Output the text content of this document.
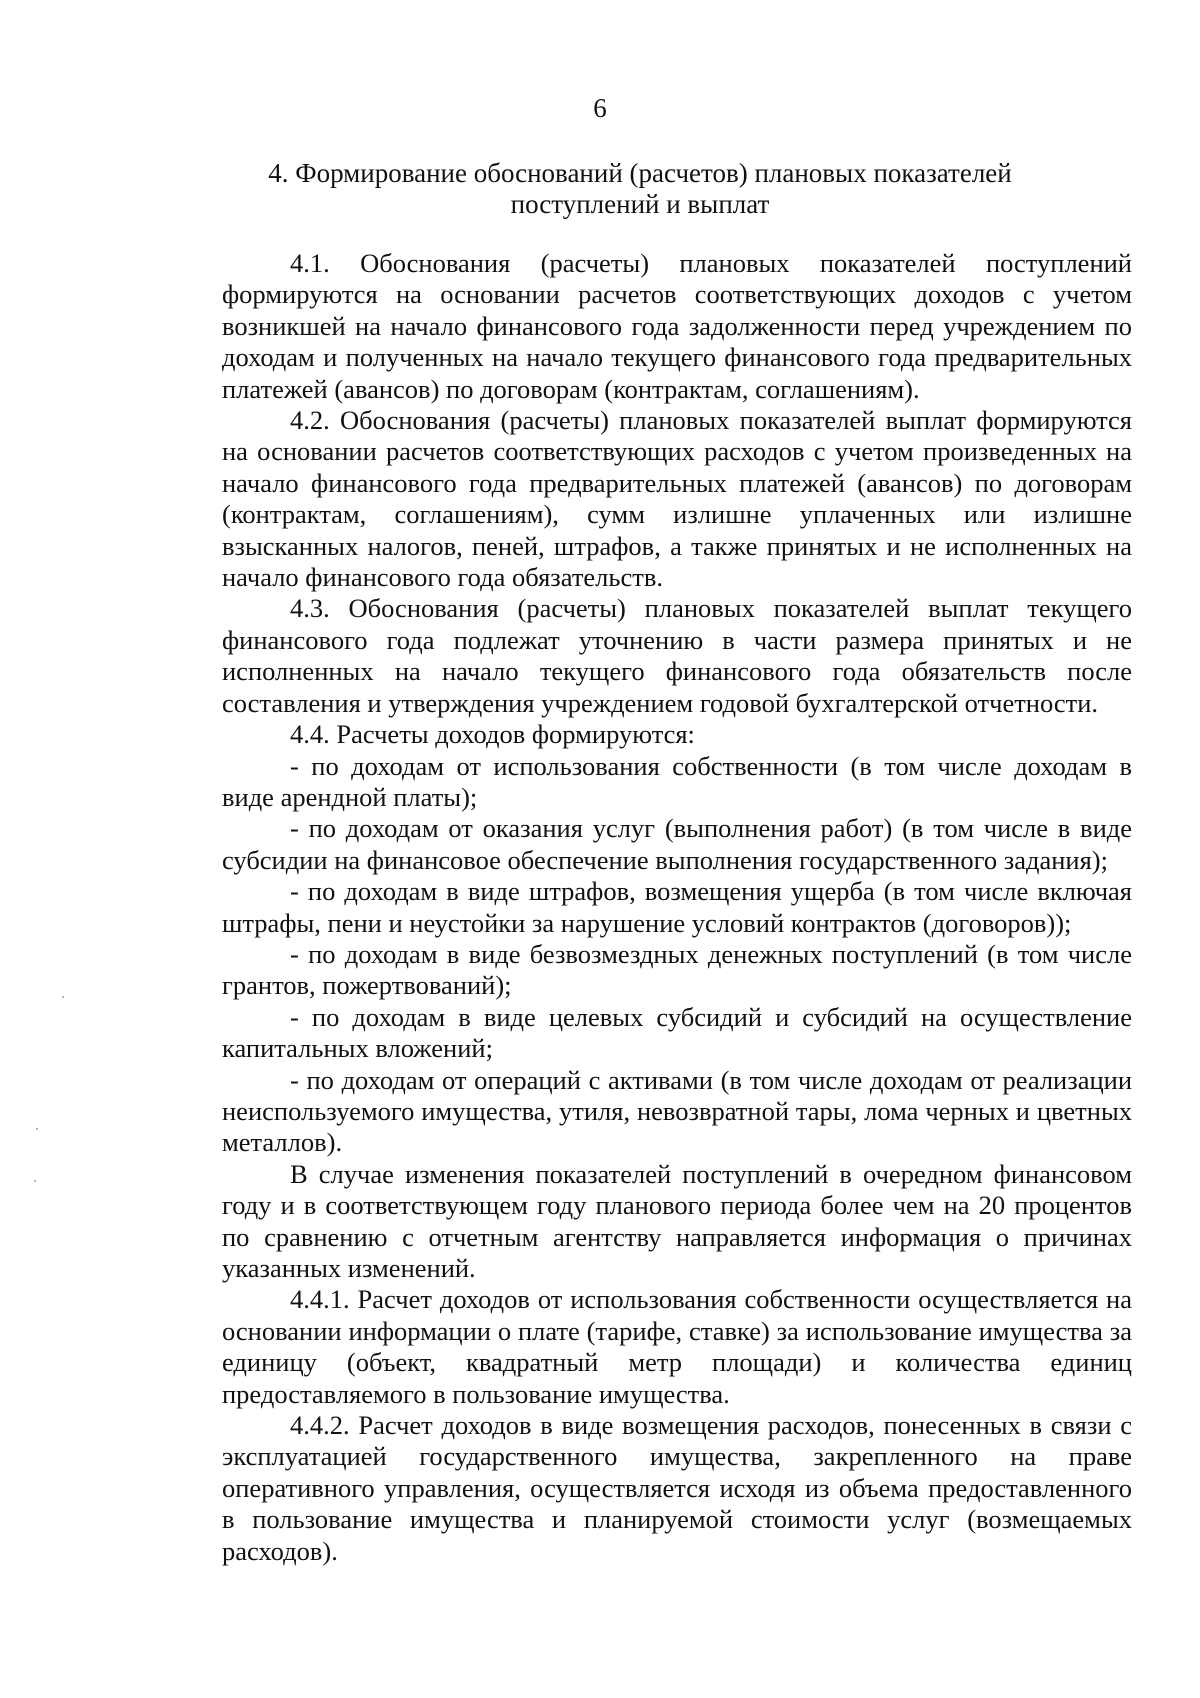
6
4. Формирование обоснований (расчетов) плановых показателей
поступлений и выплат

4.1. Обоснования (расчеты) плановых показателей поступлений формируются на основании расчетов соответствующих доходов с учетом возникшей на начало финансового года задолженности перед учреждением по доходам и полученных на начало текущего финансового года предварительных платежей (авансов) по договорам (контрактам, соглашениям).

4.2. Обоснования (расчеты) плановых показателей выплат формируются на основании расчетов соответствующих расходов с учетом произведенных на начало финансового года предварительных платежей (авансов) по договорам (контрактам, соглашениям), сумм излишне уплаченных или излишне взысканных налогов, пеней, штрафов, а также принятых и не исполненных на начало финансового года обязательств.

4.3. Обоснования (расчеты) плановых показателей выплат текущего финансового года подлежат уточнению в части размера принятых и не исполненных на начало текущего финансового года обязательств после составления и утверждения учреждением годовой бухгалтерской отчетности.

4.4. Расчеты доходов формируются:

- по доходам от использования собственности (в том числе доходам в виде арендной платы);

- по доходам от оказания услуг (выполнения работ) (в том числе в виде субсидии на финансовое обеспечение выполнения государственного задания);

- по доходам в виде штрафов, возмещения ущерба (в том числе включая штрафы, пени и неустойки за нарушение условий контрактов (договоров));

- по доходам в виде безвозмездных денежных поступлений (в том числе грантов, пожертвований);

- по доходам в виде целевых субсидий и субсидий на осуществление капитальных вложений;

- по доходам от операций с активами (в том числе доходам от реализации неиспользуемого имущества, утиля, невозвратной тары, лома черных и цветных металлов).

В случае изменения показателей поступлений в очередном финансовом году и в соответствующем году планового периода более чем на 20 процентов по сравнению с отчетным агентству направляется информация о причинах указанных изменений.

4.4.1. Расчет доходов от использования собственности осуществляется на основании информации о плате (тарифе, ставке) за использование имущества за единицу (объект, квадратный метр площади) и количества единиц предоставляемого в пользование имущества.

4.4.2. Расчет доходов в виде возмещения расходов, понесенных в связи с эксплуатацией государственного имущества, закрепленного на праве оперативного управления, осуществляется исходя из объема предоставленного в пользование имущества и планируемой стоимости услуг (возмещаемых расходов).
